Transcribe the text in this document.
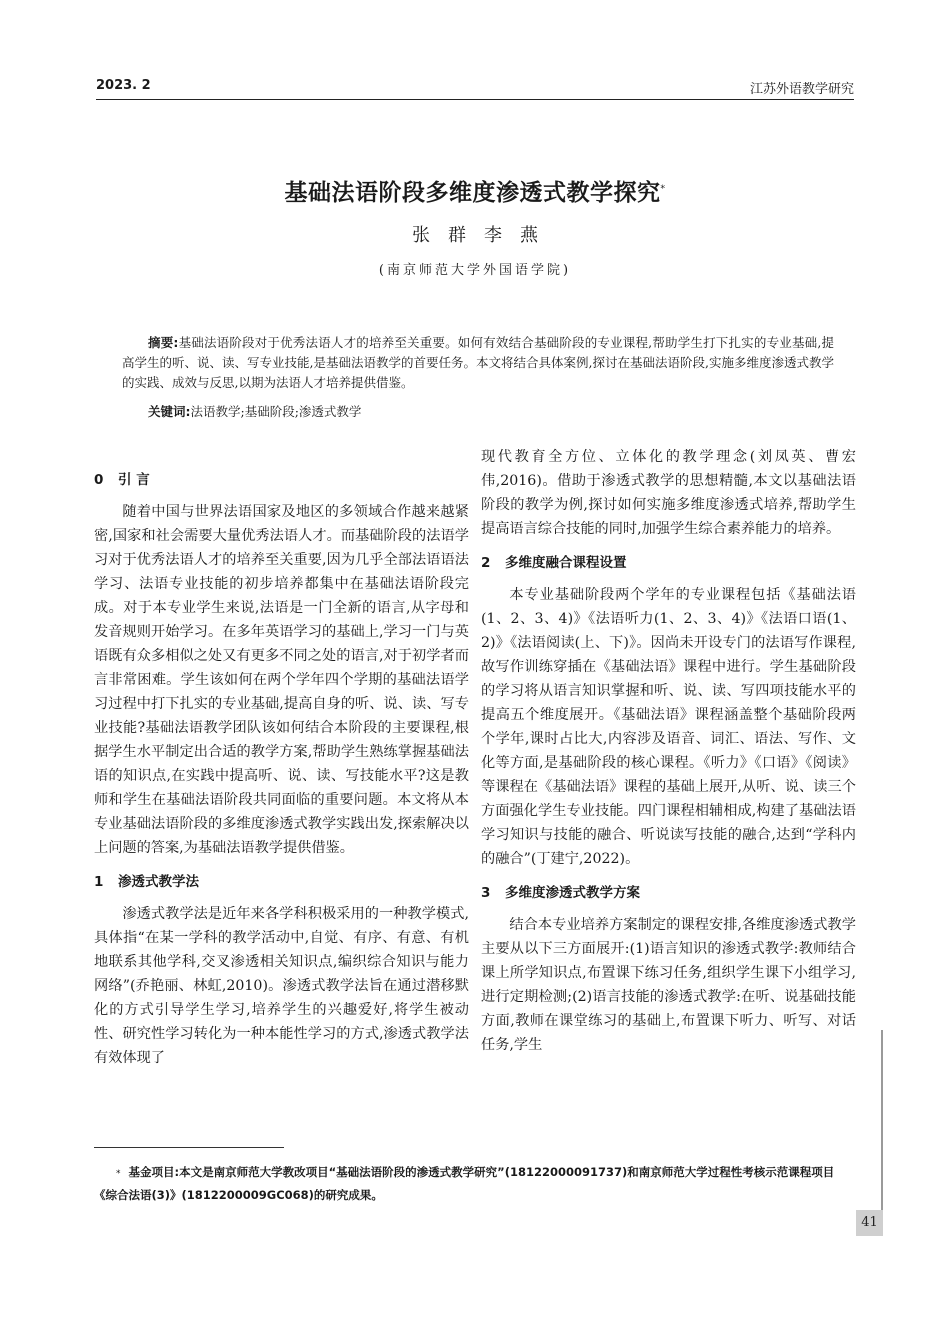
2023. 2	江苏外语教学研究
基础法语阶段多维度渗透式教学探究*
张群李燕
(南京师范大学外国语学院)
摘要:基础法语阶段对于优秀法语人才的培养至关重要。如何有效结合基础阶段的专业课程,帮助学生打下扎实的专业基础,提高学生的听、说、读、写专业技能,是基础法语教学的首要任务。本文将结合具体案例,探讨在基础法语阶段,实施多维度渗透式教学的实践、成效与反思,以期为法语人才培养提供借鉴。
关键词:法语教学;基础阶段;渗透式教学
0 引 言

随着中国与世界法语国家及地区的多领域合作越来越紧密,国家和社会需要大量优秀法语人才。而基础阶段的法语学习对于优秀法语人才的培养至关重要,因为几乎全部法语语法学习、法语专业技能的初步培养都集中在基础法语阶段完成。对于本专业学生来说,法语是一门全新的语言,从字母和发音规则开始学习。在多年英语学习的基础上,学习一门与英语既有众多相似之处又有更多不同之处的语言,对于初学者而言非常困难。学生该如何在两个学年四个学期的基础法语学习过程中打下扎实的专业基础,提高自身的听、说、读、写专业技能?基础法语教学团队该如何结合本阶段的主要课程,根据学生水平制定出合适的教学方案,帮助学生熟练掌握基础法语的知识点,在实践中提高听、说、读、写技能水平?这是教师和学生在基础法语阶段共同面临的重要问题。本文将从本专业基础法语阶段的多维度渗透式教学实践出发,探索解决以上问题的答案,为基础法语教学提供借鉴。

1 渗透式教学法

渗透式教学法是近年来各学科积极采用的一种教学模式,具体指“在某一学科的教学活动中,自觉、有序、有意、有机地联系其他学科,交叉渗透相关知识点,编织综合知识与能力网络”(乔艳丽、林虹,2010)。渗透式教学法旨在通过潜移默化的方式引导学生学习,培养学生的兴趣爱好,将学生被动性、研究性学习转化为一种本能性学习的方式,渗透式教学法有效体现了

现代教育全方位、立体化的教学理念(刘凤英、曹宏伟,2016)。借助于渗透式教学的思想精髓,本文以基础法语阶段的教学为例,探讨如何实施多维度渗透式培养,帮助学生提高语言综合技能的同时,加强学生综合素养能力的培养。

2 多维度融合课程设置

本专业基础阶段两个学年的专业课程包括《基础法语(1、2、3、4)》《法语听力(1、2、3、4)》《法语口语(1、2)》《法语阅读(上、下)》。因尚未开设专门的法语写作课程,故写作训练穿插在《基础法语》课程中进行。学生基础阶段的学习将从语言知识掌握和听、说、读、写四项技能水平的提高五个维度展开。《基础法语》课程涵盖整个基础阶段两个学年,课时占比大,内容涉及语音、词汇、语法、写作、文化等方面,是基础阶段的核心课程。《听力》《口语》《阅读》等课程在《基础法语》课程的基础上展开,从听、说、读三个方面强化学生专业技能。四门课程相辅相成,构建了基础法语学习知识与技能的融合、听说读写技能的融合,达到“学科内的融合”(丁建宁,2022)。

3 多维度渗透式教学方案

结合本专业培养方案制定的课程安排,各维度渗透式教学主要从以下三方面展开:(1)语言知识的渗透式教学:教师结合课上所学知识点,布置课下练习任务,组织学生课下小组学习,进行定期检测;(2)语言技能的渗透式教学:在听、说基础技能方面,教师在课堂练习的基础上,布置课下听力、听写、对话任务,学生

* 基金项目:本文是南京师范大学教改项目“基础法语阶段的渗透式教学研究”(18122000091737)和南京师范大学过程性考核示范课程项目《综合法语(3)》(1812200009GC068)的研究成果。
41
